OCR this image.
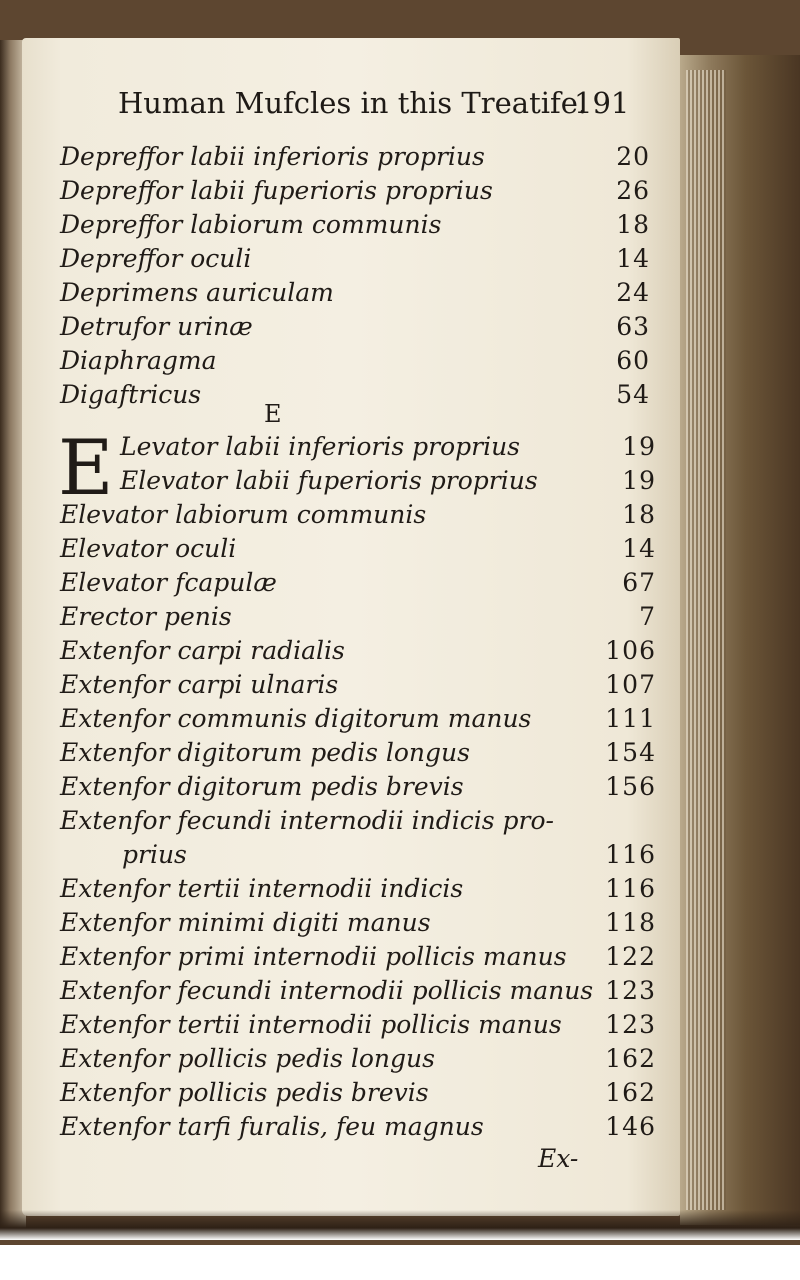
Human Mufcles in this Treatife.
191
Depreffor labii inferioris proprius	20
Depreffor labii fuperioris proprius	26
Depreffor labiorum communis	18
Depreffor oculi	14
Deprimens auriculam	24
Detrufor urinæ	63
Diaphragma	60
Digaftricus	54
E
E Levator labii inferioris proprius	19
Elevator labii fuperioris proprius	19
Elevator labiorum communis	18
Elevator oculi	14
Elevator fcapulæ	67
Erector penis	7
Extenfor carpi radialis	106
Extenfor carpi ulnaris	107
Extenfor communis digitorum manus	111
Extenfor digitorum pedis longus	154
Extenfor digitorum pedis brevis	156
Extenfor fecundi internodii indicis pro-
prius	116
Extenfor tertii internodii indicis	116
Extenfor minimi digiti manus	118
Extenfor primi internodii pollicis manus 122
Extenfor fecundi internodii pollicis manus 123
Extenfor tertii internodii pollicis manus 123
Extenfor pollicis pedis longus	162
Extenfor pollicis pedis brevis	162
Extenfor tarfi furalis, feu magnus	146
Ex-
